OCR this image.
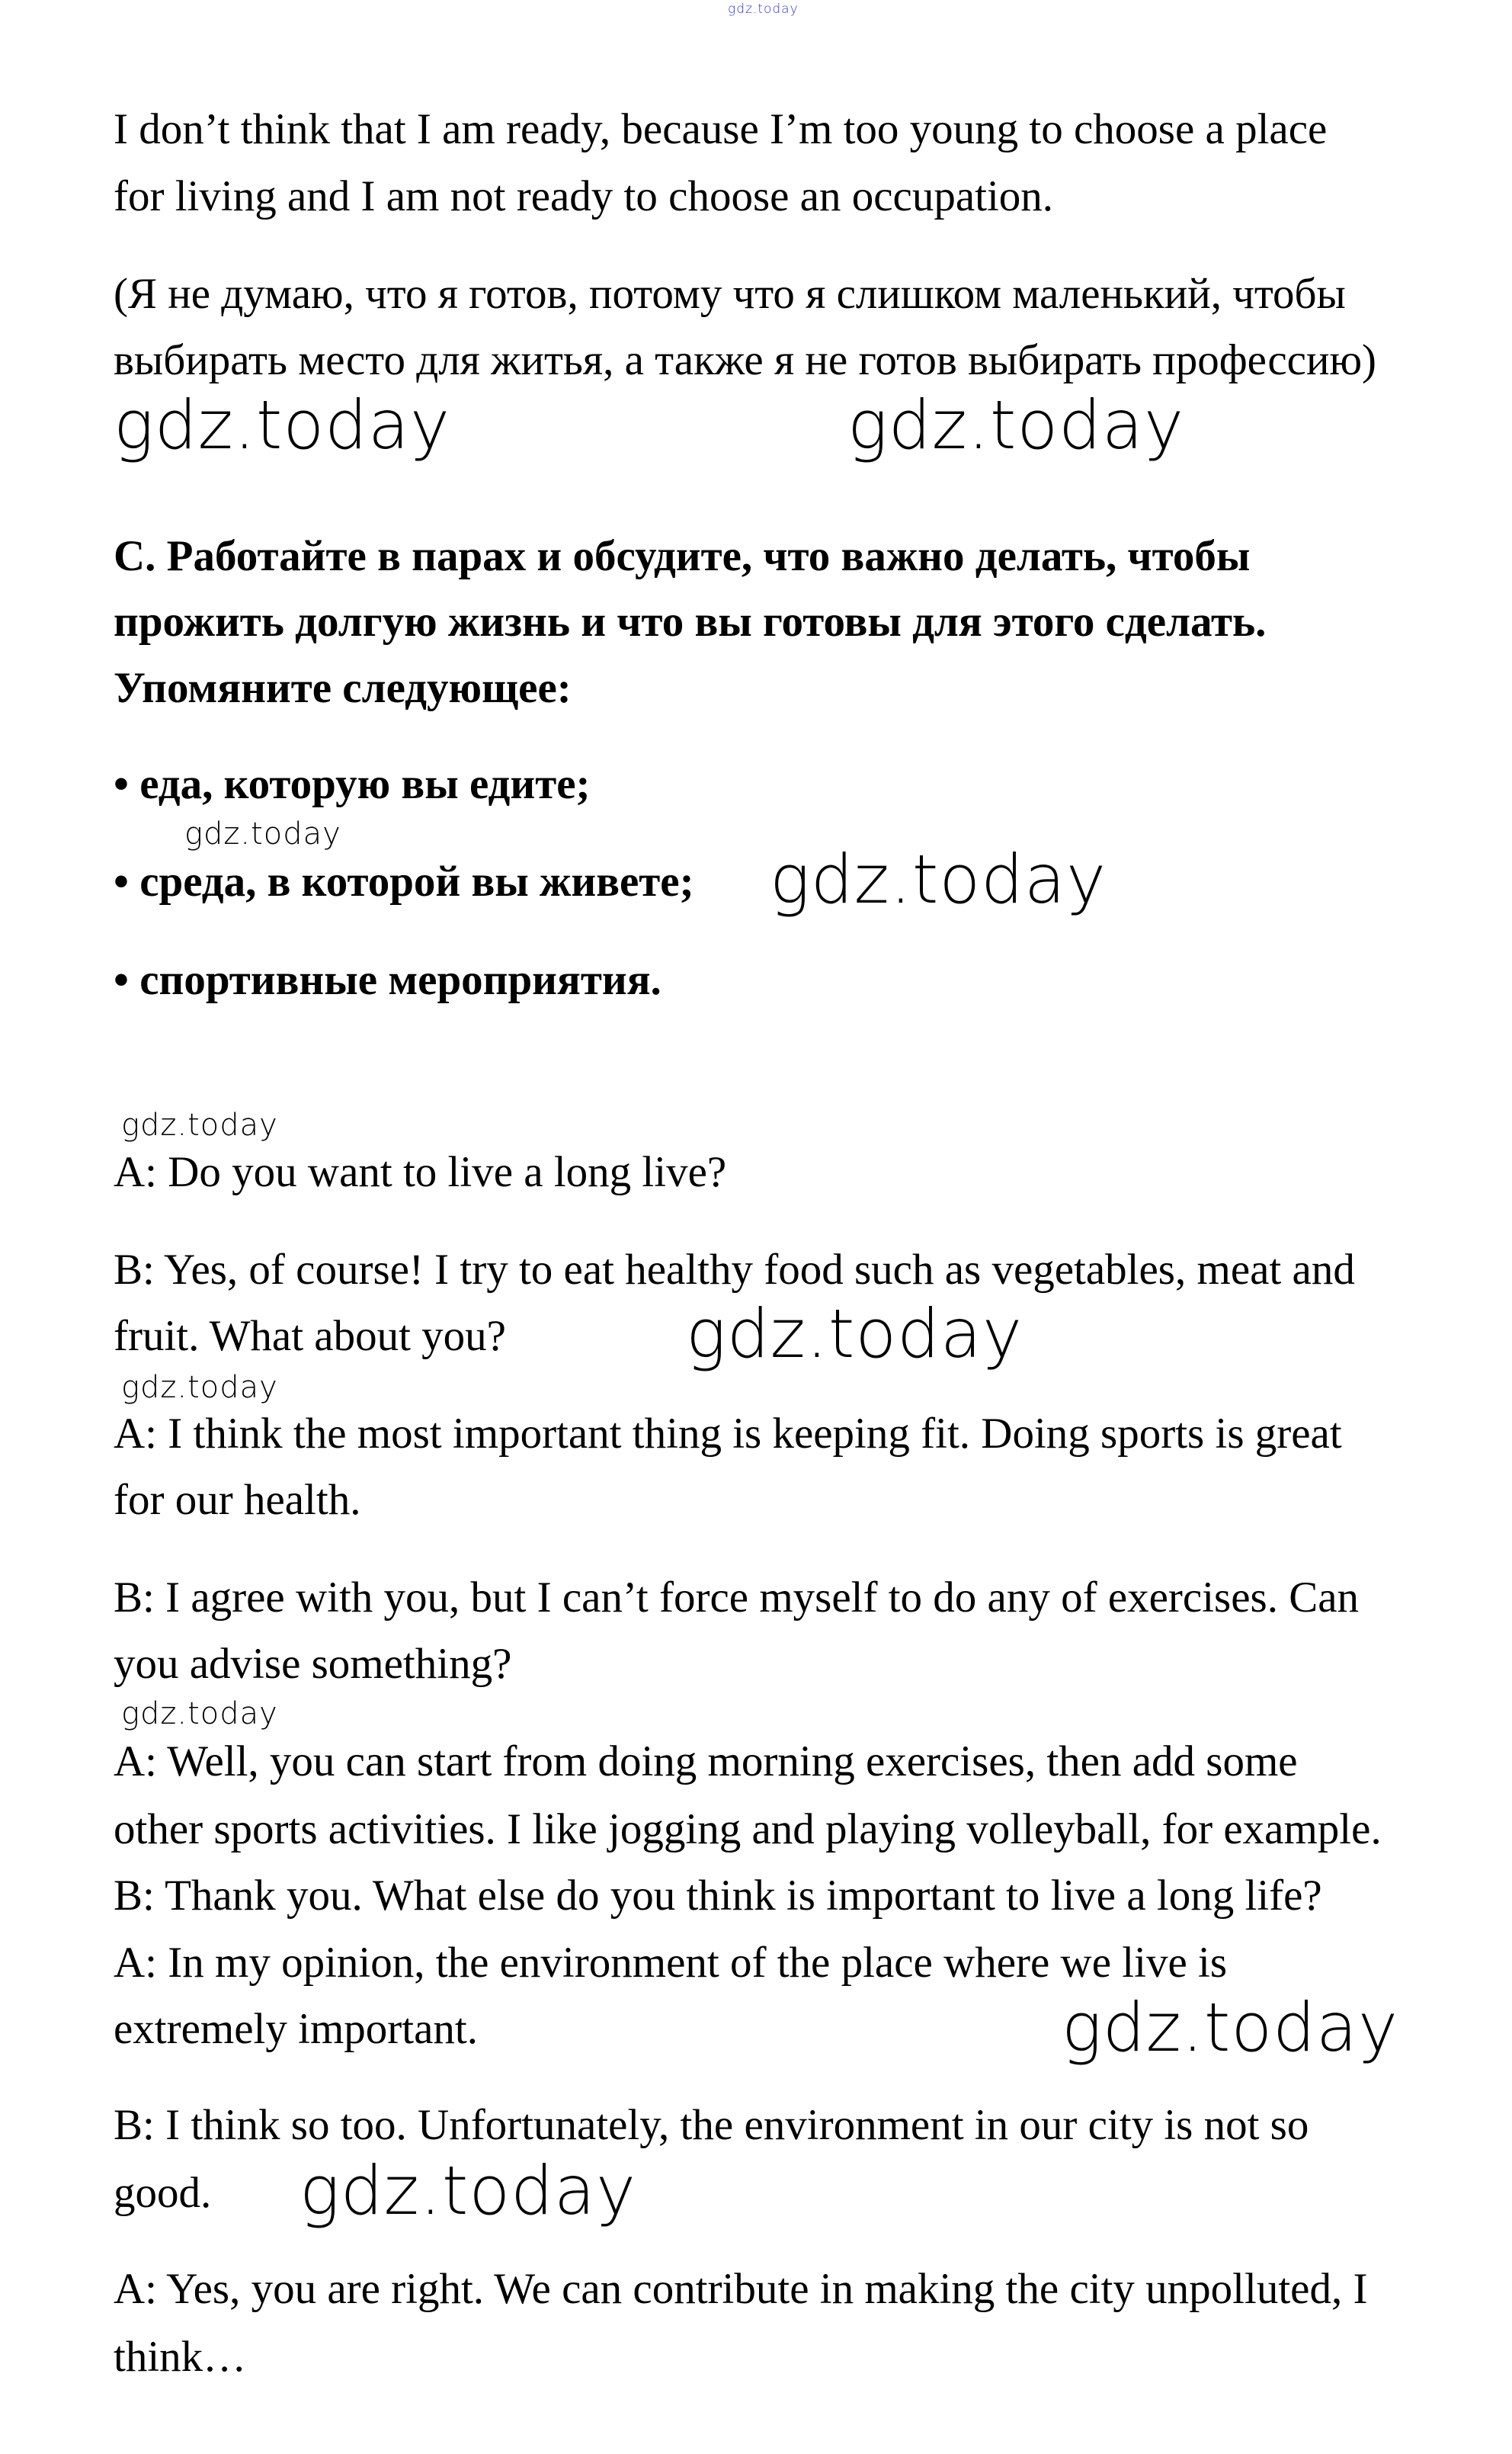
gdz.today
I don’t think that I am ready, because I’m too young to choose a place
for living and I am not ready to choose an occupation.
(Я не думаю, что я готов, потому что я слишком маленький, чтобы
выбирать место для житья, а также я не готов выбирать профессию)
gdz.today	gdz.today
C. Работайте в парах и обсудите, что важно делать, чтобы
прожить долгую жизнь и что вы готовы для этого сделать.
Упомяните следующее:
• еда, которую вы едите;
gdz.today
• среда, в которой вы живете; gdz.today
• спортивные мероприятия.
gdz.today
A: Do you want to live a long live?
B: Yes, of course! I try to eat healthy food such as vegetables, meat and
fruit. What about you?	gdz.today
gdz.today
A: I think the most important thing is keeping fit. Doing sports is great
for our health.
B: I agree with you, but I can’t force myself to do any of exercises. Can
you advise something?
gdz.today
A: Well, you can start from doing morning exercises, then add some
other sports activities. I like jogging and playing volleyball, for example.
B: Thank you. What else do you think is important to live a long life?
A: In my opinion, the environment of the place where we live is
extremely important.	gdz.today
B: I think so too. Unfortunately, the environment in our city is not so
good. gdz.today
A: Yes, you are right. We can contribute in making the city unpolluted, I
think…
